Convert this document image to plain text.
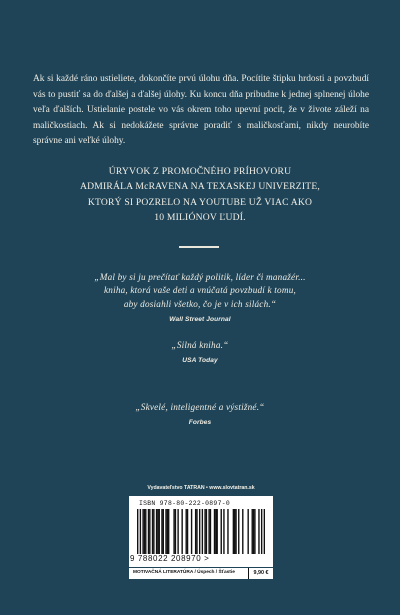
Ak si každé ráno ustieliete, dokončíte prvú úlohu dňa. Pocítite štipku hrdosti a povzbudí vás to pustiť sa do ďalšej a ďalšej úlohy. Ku koncu dňa pribudne k jednej splnenej úlohe veľa ďalších. Ustielanie postele vo vás okrem toho upevní pocit, že v živote záleží na maličkostiach. Ak si nedokážete správne poradiť s maličkosťami, nikdy neurobíte správne ani veľké úlohy.

ÚRYVOK Z PROMOČNÉHO PRÍHOVORU
ADMIRÁLA McRAVENA NA TEXASKEJ UNIVERZITE,
KTORÝ SI POZRELO NA YOUTUBE UŽ VIAC AKO
10 MILIÓNOV ĽUDÍ.
„Mal by si ju prečítať každý politik, líder či manažér...
kniha, ktorá vaše deti a vnúčatá povzbudí k tomu,
aby dosiahli všetko, čo je v ich silách.“
Wall Street Journal
„Silná kniha.“
USA Today
„Skvelé, inteligentné a výstižné.“
Forbes
Vydavateľstvo TATRAN • www.slovtatran.sk
ISBN 978-80-222-0897-0
9 788022 208970 >
MOTIVAČNÁ LITERATÚRA / Úspech / Šťastie	9,90 €
